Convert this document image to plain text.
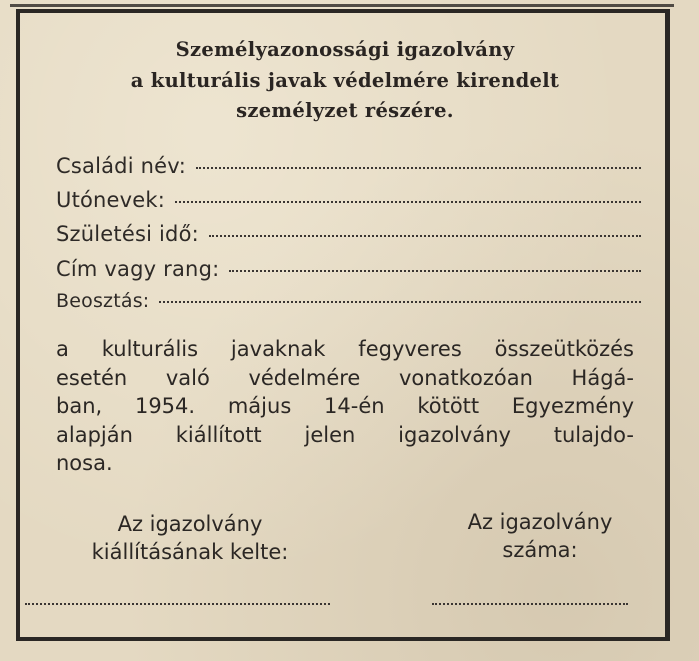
Személyazonossági igazolvány
a kulturális javak védelmére kirendelt
személyzet részére.
Családi név:
Utónevek:
Születési idő:
Cím vagy rang:
Beosztás:
a kulturális javaknak fegyveres összeütközés
esetén való védelmére vonatkozóan Hágá-
ban, 1954. május 14-én kötött Egyezmény
alapján kiállított jelen igazolvány tulajdo-
nosa.
Az igazolvány
kiállításának kelte:
Az igazolvány
száma:
